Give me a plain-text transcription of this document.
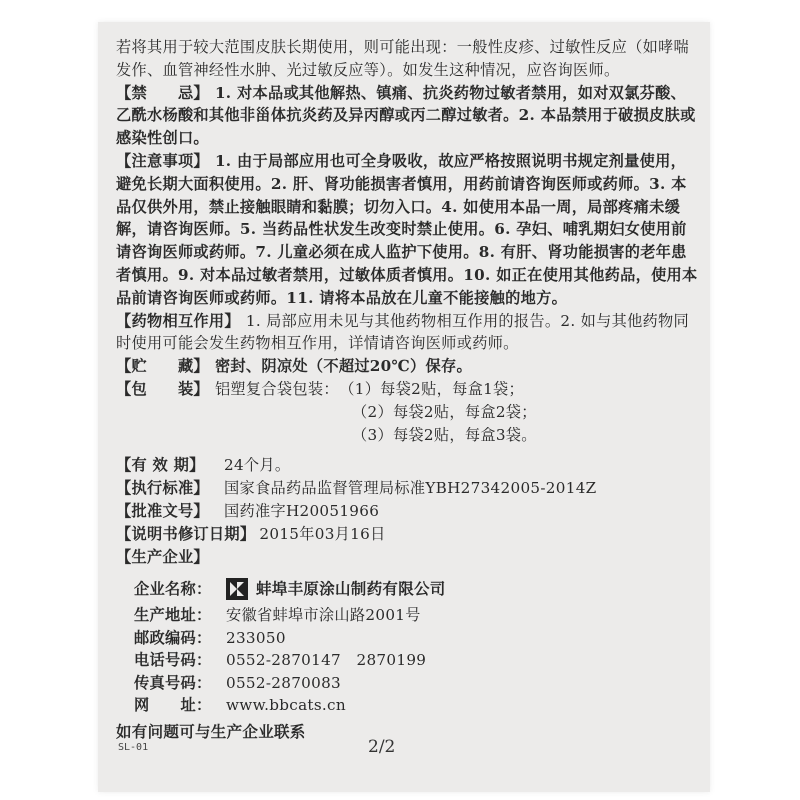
若将其用于较大范围皮肤长期使用，则可能出现：一般性皮疹、过敏性反应（如哮喘发作、血管神经性水肿、光过敏反应等）。如发生这种情况，应咨询医师。

【禁　　忌】 1. 对本品或其他解热、镇痛、抗炎药物过敏者禁用，如对双氯芬酸、乙酰水杨酸和其他非甾体抗炎药及异丙醇或丙二醇过敏者。2. 本品禁用于破损皮肤或感染性创口。

【注意事项】 1. 由于局部应用也可全身吸收，故应严格按照说明书规定剂量使用，避免长期大面积使用。2. 肝、肾功能损害者慎用，用药前请咨询医师或药师。3. 本品仅供外用，禁止接触眼睛和黏膜；切勿入口。4. 如使用本品一周，局部疼痛未缓解，请咨询医师。5. 当药品性状发生改变时禁止使用。6. 孕妇、哺乳期妇女使用前请咨询医师或药师。7. 儿童必须在成人监护下使用。8. 有肝、肾功能损害的老年患者慎用。9. 对本品过敏者禁用，过敏体质者慎用。10. 如正在使用其他药品，使用本品前请咨询医师或药师。11. 请将本品放在儿童不能接触的地方。

【药物相互作用】 1. 局部应用未见与其他药物相互作用的报告。2. 如与其他药物同时使用可能会发生药物相互作用，详情请咨询医师或药师。

【贮　　藏】 密封、阴凉处（不超过20℃）保存。

【包　　装】 铝塑复合袋包装： （1）每袋2贴，每盒1袋；
（2）每袋2贴，每盒2袋；
（3）每袋2贴，每盒3袋。
【有 效 期】	24个月。
【执行标准】 国家食品药品监督管理局标准YBH27342005-2014Z
【批准文号】 国药准字H20051966
【说明书修订日期】 2015年03月16日
【生产企业】
企业名称：	蚌埠丰原涂山制药有限公司
生产地址： 安徽省蚌埠市涂山路2001号
邮政编码： 233050
电话号码： 0552-2870147　2870199
传真号码： 0552-2870083
网　　址： www.bbcats.cn

如有问题可与生产企业联系

SL-01	2/2
